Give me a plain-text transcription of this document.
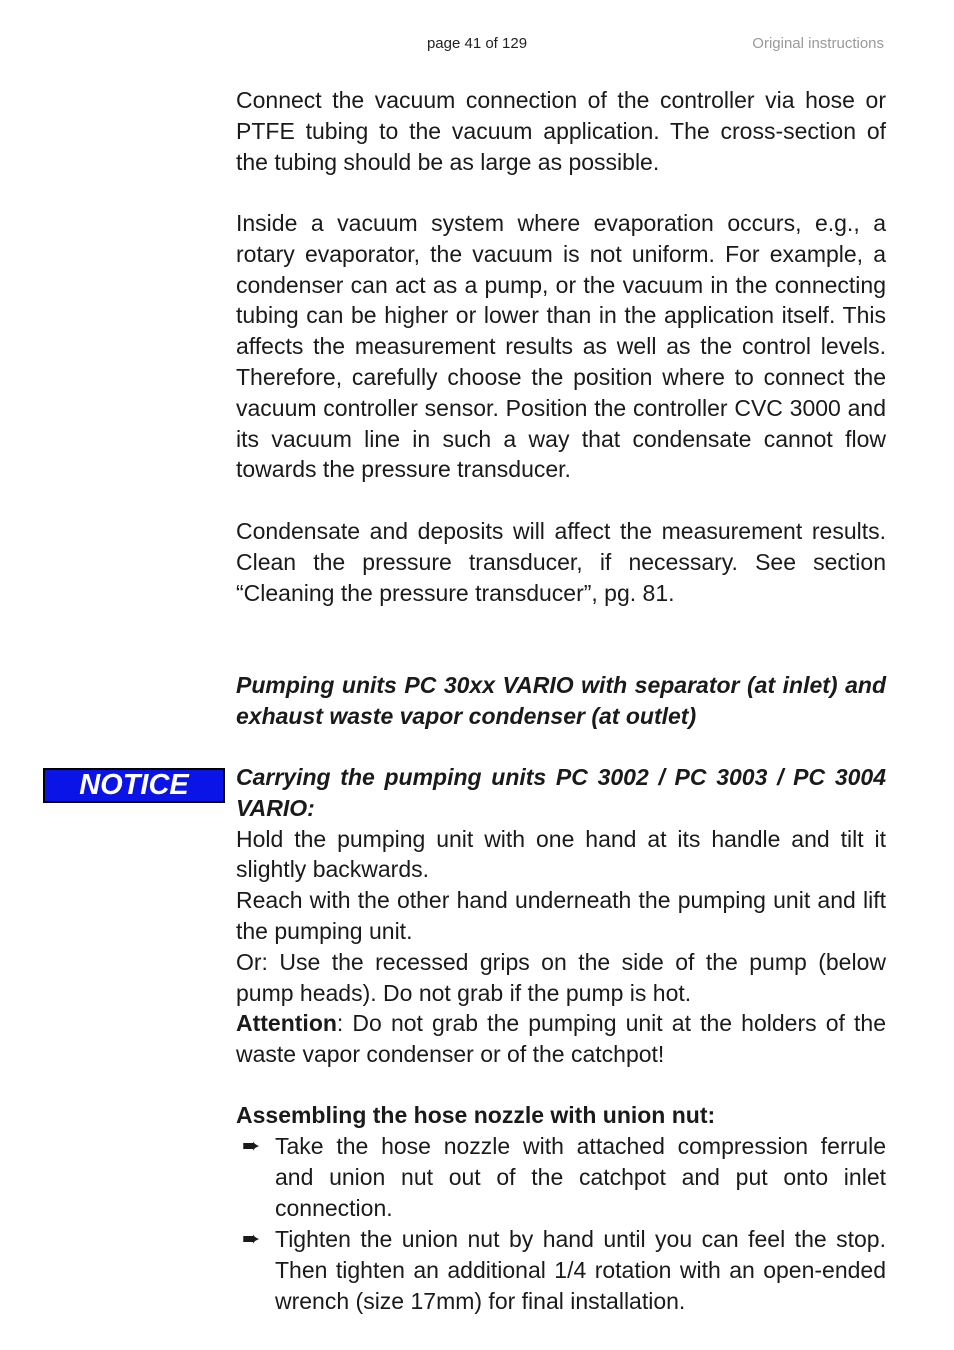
page 41 of 129	Original instructions

Connect the vacuum connection of the controller via hose or PTFE tubing to the vacuum application. The cross-section of the tubing should be as large as possible.

Inside a vacuum system where evaporation occurs, e.g., a rotary evaporator, the vacuum is not uniform. For example, a condenser can act as a pump, or the vacuum in the connecting tubing can be higher or lower than in the application itself. This affects the measurement results as well as the control levels. Therefore, carefully choose the position where to connect the vacuum controller sensor. Position the controller CVC 3000 and its vacuum line in such a way that condensate cannot flow towards the pressure transducer.

Condensate and deposits will affect the measurement results. Clean the pressure transducer, if necessary. See section “Cleaning the pressure transducer”, pg. 81.

Pumping units PC 30xx VARIO with separator (at inlet) and exhaust waste vapor condenser (at outlet)

NOTICE	Carrying the pumping units PC 3002 / PC 3003 / PC 3004 VARIO:

Hold the pumping unit with one hand at its handle and tilt it slightly backwards.

Reach with the other hand underneath the pumping unit and lift the pumping unit.

Or: Use the recessed grips on the side of the pump (below pump heads). Do not grab if the pump is hot.

Attention: Do not grab the pumping unit at the holders of the waste vapor condenser or of the catchpot!

Assembling the hose nozzle with union nut:

➨ Take the hose nozzle with attached compression ferrule and union nut out of the catchpot and put onto inlet connection.
➨ Tighten the union nut by hand until you can feel the stop. Then tighten an additional 1/4 rotation with an open-ended wrench (size 17mm) for final installation.
